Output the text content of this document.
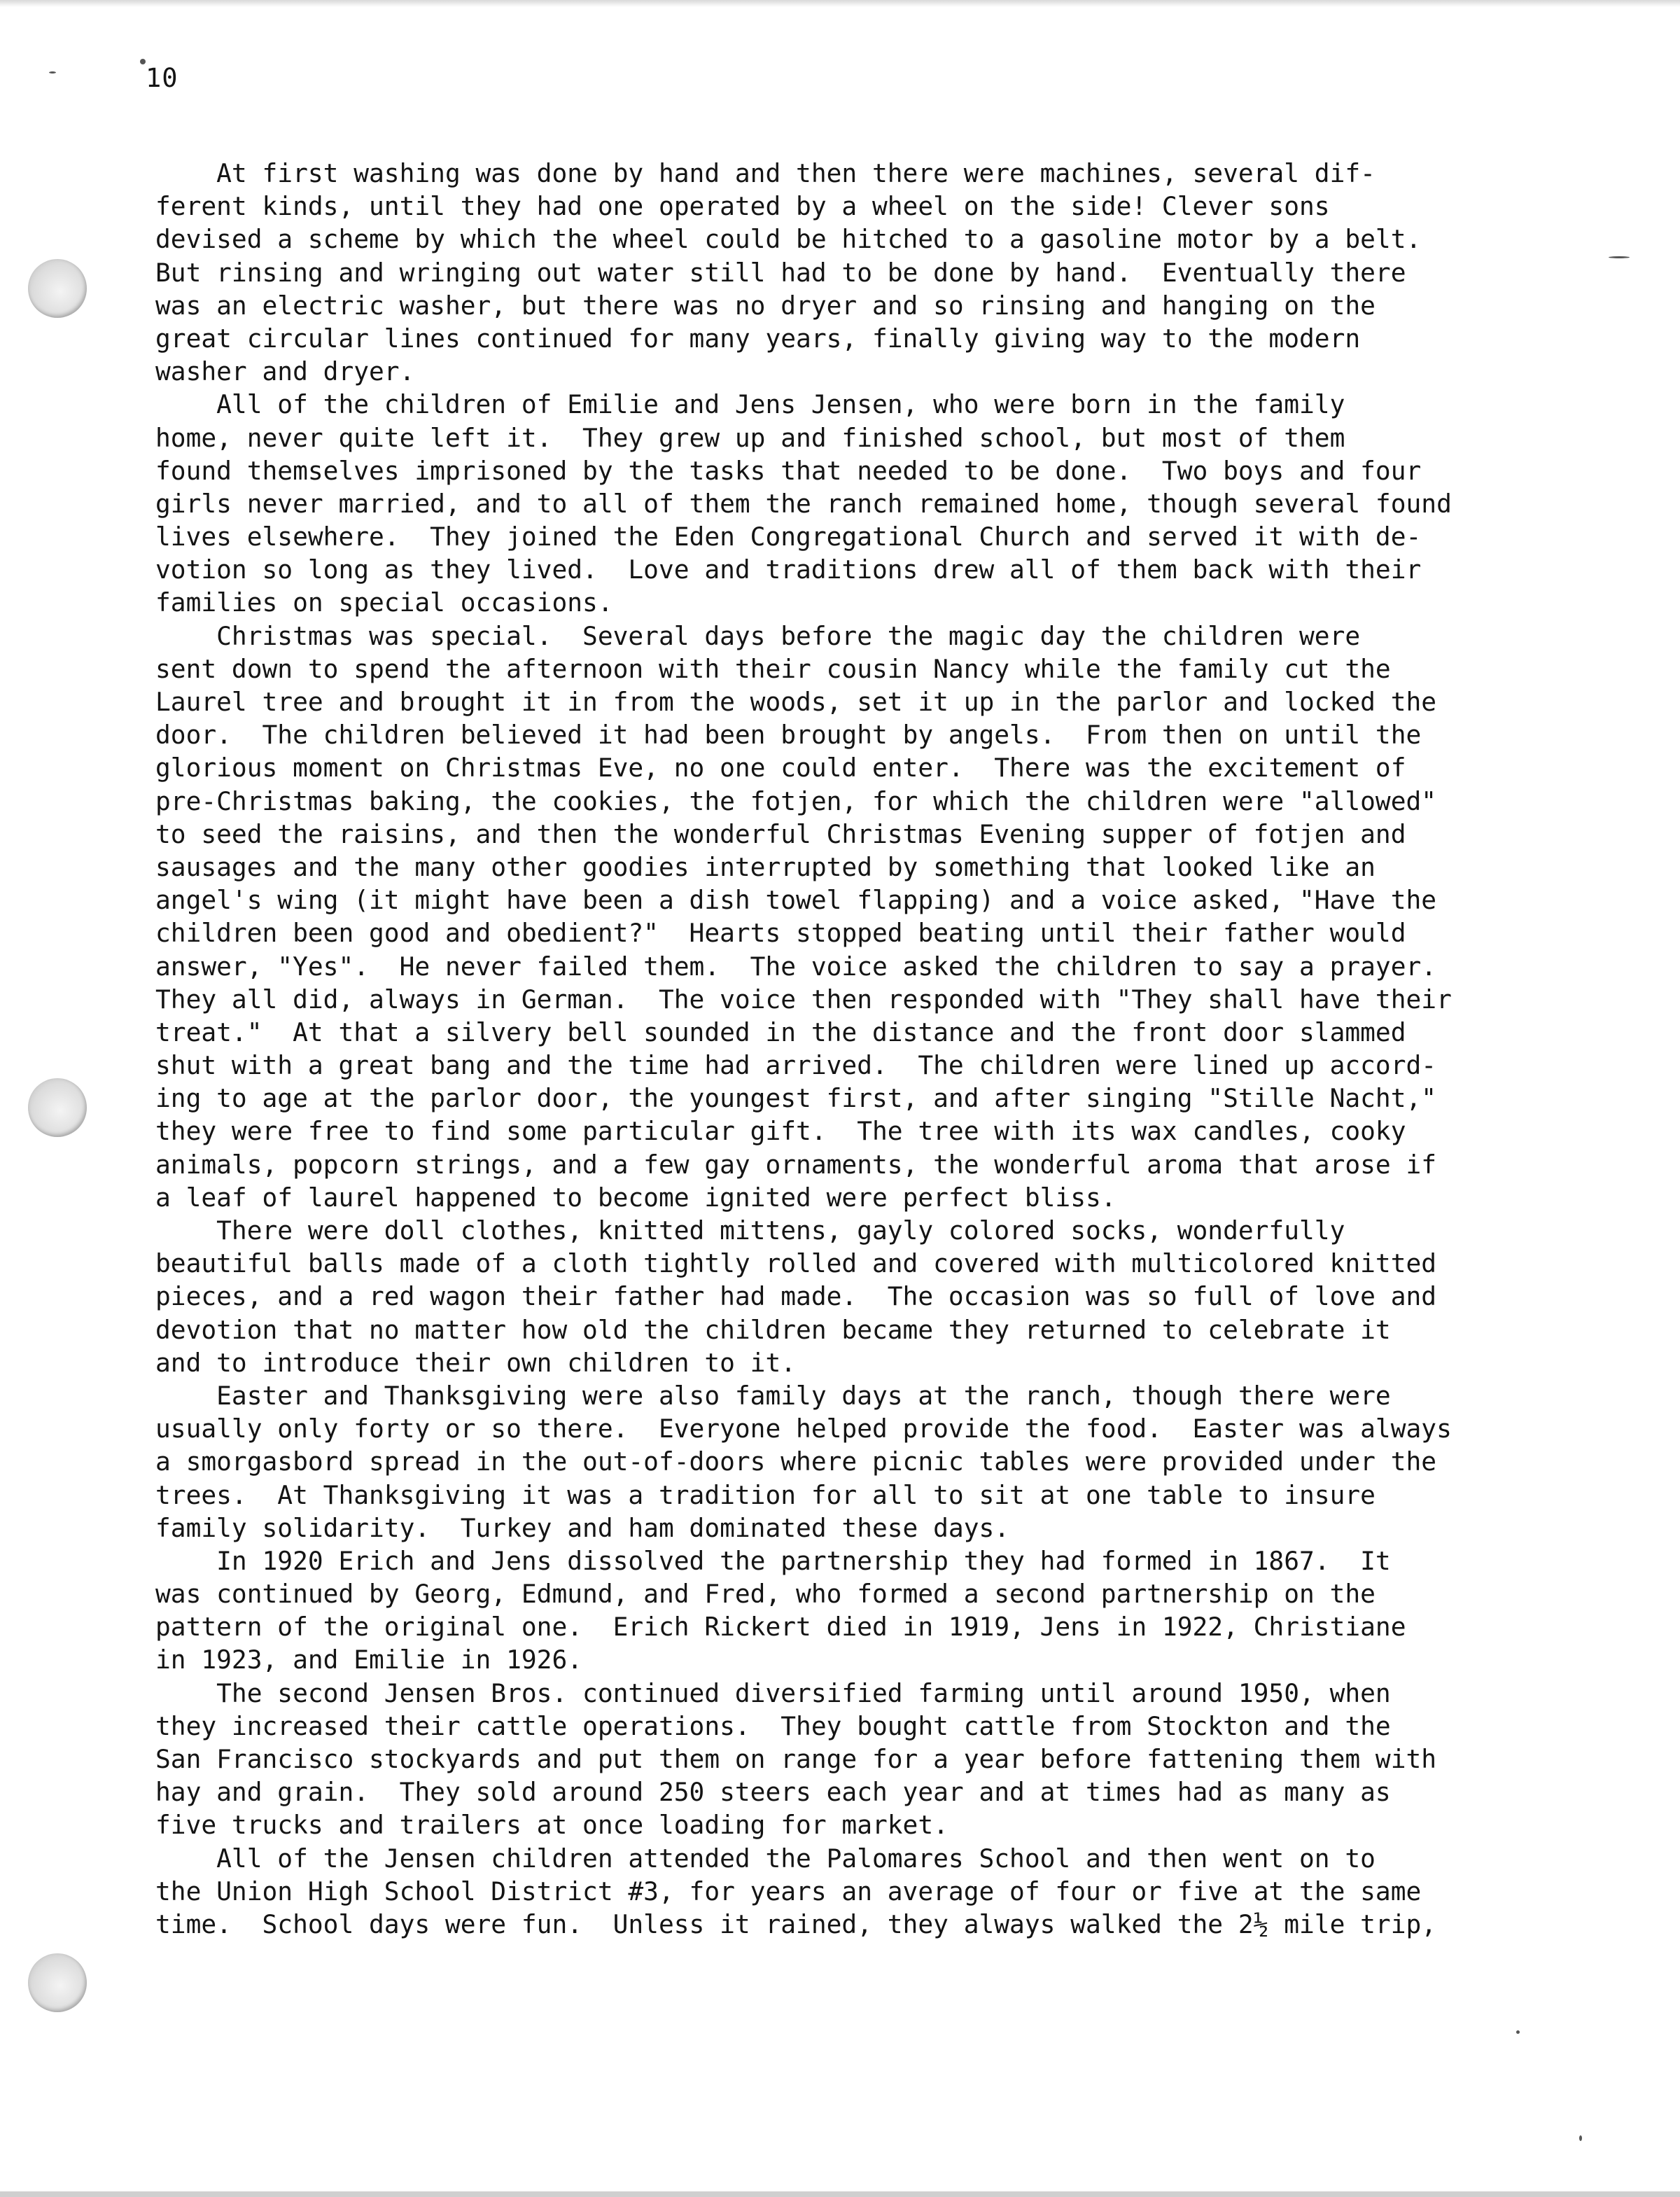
10
At first washing was done by hand and then there were machines, several dif-
ferent kinds, until they had one operated by a wheel on the side! Clever sons
devised a scheme by which the wheel could be hitched to a gasoline motor by a belt.
But rinsing and wringing out water still had to be done by hand.  Eventually there
was an electric washer, but there was no dryer and so rinsing and hanging on the
great circular lines continued for many years, finally giving way to the modern
washer and dryer.
All of the children of Emilie and Jens Jensen, who were born in the family
home, never quite left it.  They grew up and finished school, but most of them
found themselves imprisoned by the tasks that needed to be done.  Two boys and four
girls never married, and to all of them the ranch remained home, though several found
lives elsewhere.  They joined the Eden Congregational Church and served it with de-
votion so long as they lived.  Love and traditions drew all of them back with their
families on special occasions.
Christmas was special.  Several days before the magic day the children were
sent down to spend the afternoon with their cousin Nancy while the family cut the
Laurel tree and brought it in from the woods, set it up in the parlor and locked the
door.  The children believed it had been brought by angels.  From then on until the
glorious moment on Christmas Eve, no one could enter.  There was the excitement of
pre-Christmas baking, the cookies, the fotjen, for which the children were "allowed"
to seed the raisins, and then the wonderful Christmas Evening supper of fotjen and
sausages and the many other goodies interrupted by something that looked like an
angel's wing (it might have been a dish towel flapping) and a voice asked, "Have the
children been good and obedient?"  Hearts stopped beating until their father would
answer, "Yes".  He never failed them.  The voice asked the children to say a prayer.
They all did, always in German.  The voice then responded with "They shall have their
treat."  At that a silvery bell sounded in the distance and the front door slammed
shut with a great bang and the time had arrived.  The children were lined up accord-
ing to age at the parlor door, the youngest first, and after singing "Stille Nacht,"
they were free to find some particular gift.  The tree with its wax candles, cooky
animals, popcorn strings, and a few gay ornaments, the wonderful aroma that arose if
a leaf of laurel happened to become ignited were perfect bliss.
There were doll clothes, knitted mittens, gayly colored socks, wonderfully
beautiful balls made of a cloth tightly rolled and covered with multicolored knitted
pieces, and a red wagon their father had made.  The occasion was so full of love and
devotion that no matter how old the children became they returned to celebrate it
and to introduce their own children to it.
Easter and Thanksgiving were also family days at the ranch, though there were
usually only forty or so there.  Everyone helped provide the food.  Easter was always
a smorgasbord spread in the out-of-doors where picnic tables were provided under the
trees.  At Thanksgiving it was a tradition for all to sit at one table to insure
family solidarity.  Turkey and ham dominated these days.
In 1920 Erich and Jens dissolved the partnership they had formed in 1867.  It
was continued by Georg, Edmund, and Fred, who formed a second partnership on the
pattern of the original one.  Erich Rickert died in 1919, Jens in 1922, Christiane
in 1923, and Emilie in 1926.
The second Jensen Bros. continued diversified farming until around 1950, when
they increased their cattle operations.  They bought cattle from Stockton and the
San Francisco stockyards and put them on range for a year before fattening them with
hay and grain.  They sold around 250 steers each year and at times had as many as
five trucks and trailers at once loading for market.
All of the Jensen children attended the Palomares School and then went on to
the Union High School District #3, for years an average of four or five at the same
time.  School days were fun.  Unless it rained, they always walked the 2½ mile trip,
